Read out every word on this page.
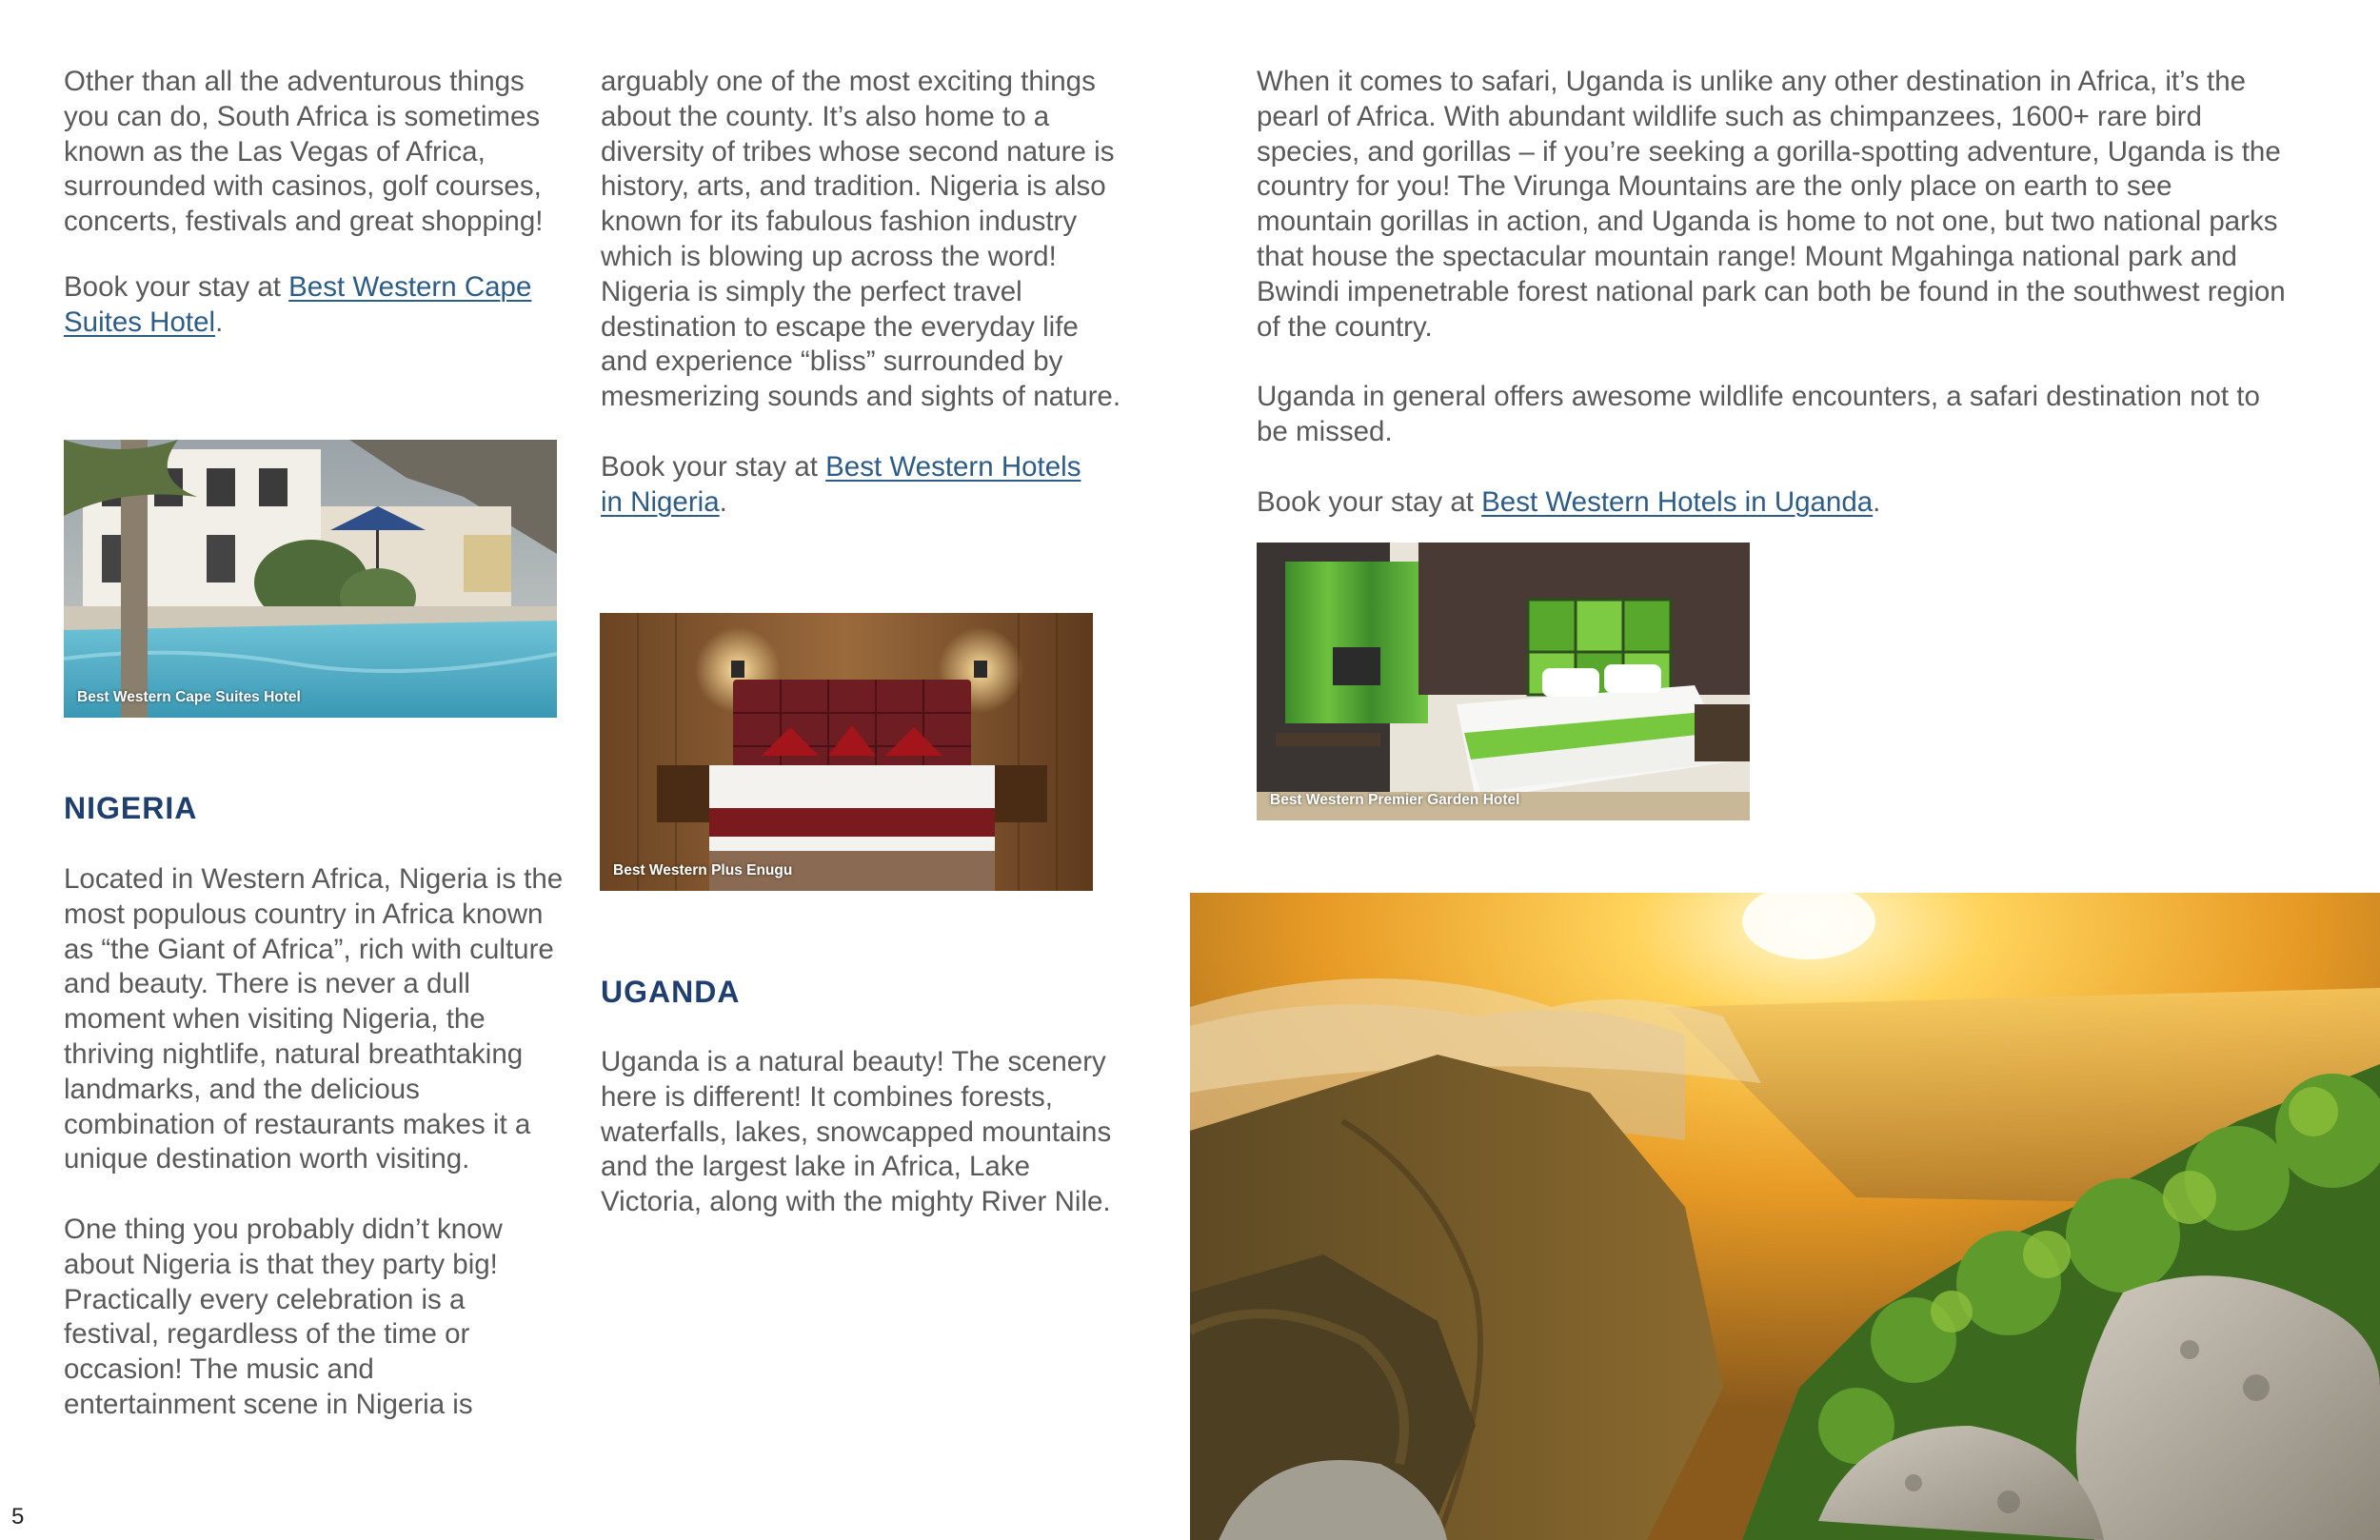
Other than all the adventurous things you can do, South Africa is sometimes known as the Las Vegas of Africa, surrounded with casinos, golf courses, concerts, festivals and great shopping!

Book your stay at Best Western Cape Suites Hotel.

Best Western Cape Suites Hotel
NIGERIA

Located in Western Africa, Nigeria is the most populous country in Africa known as “the Giant of Africa”, rich with culture and beauty. There is never a dull moment when visiting Nigeria, the thriving nightlife, natural breathtaking landmarks, and the delicious combination of restaurants makes it a unique destination worth visiting.

One thing you probably didn’t know about Nigeria is that they party big! Practically every celebration is a festival, regardless of the time or occasion! The music and entertainment scene in Nigeria is

arguably one of the most exciting things about the county. It’s also home to a diversity of tribes whose second nature is history, arts, and tradition. Nigeria is also known for its fabulous fashion industry which is blowing up across the word! Nigeria is simply the perfect travel destination to escape the everyday life and experience “bliss” surrounded by mesmerizing sounds and sights of nature.

Book your stay at Best Western Hotels in Nigeria.

Best Western Plus Enugu
UGANDA

Uganda is a natural beauty! The scenery here is different! It combines forests, waterfalls, lakes, snowcapped mountains and the largest lake in Africa, Lake Victoria, along with the mighty River Nile.

When it comes to safari, Uganda is unlike any other destination in Africa, it’s the pearl of Africa. With abundant wildlife such as chimpanzees, 1600+ rare bird species, and gorillas – if you’re seeking a gorilla-spotting adventure, Uganda is the country for you! The Virunga Mountains are the only place on earth to see mountain gorillas in action, and Uganda is home to not one, but two national parks that house the spectacular mountain range! Mount Mgahinga national park and Bwindi impenetrable forest national park can both be found in the southwest region of the country.

Uganda in general offers awesome wildlife encounters, a safari destination not to be missed.

Book your stay at Best Western Hotels in Uganda.

Best Western Premier Garden Hotel
5
